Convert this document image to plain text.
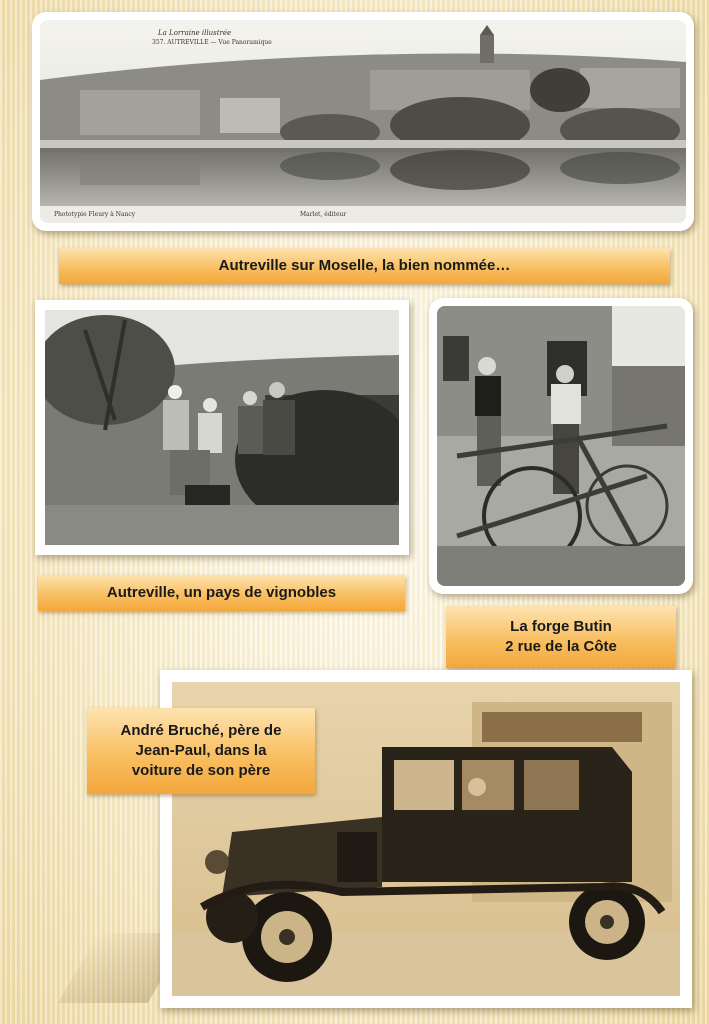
La Lorraine illustrée
357. AUTREVILLE — Vue Panoramique
Phototypie Fleury à Nancy	Marlet, éditeur
Autreville sur Moselle, la bien nommée…
Autreville, un pays de vignobles
La forge Butin
2 rue de la Côte
André Bruché, père de
Jean-Paul, dans la
voiture de son père
